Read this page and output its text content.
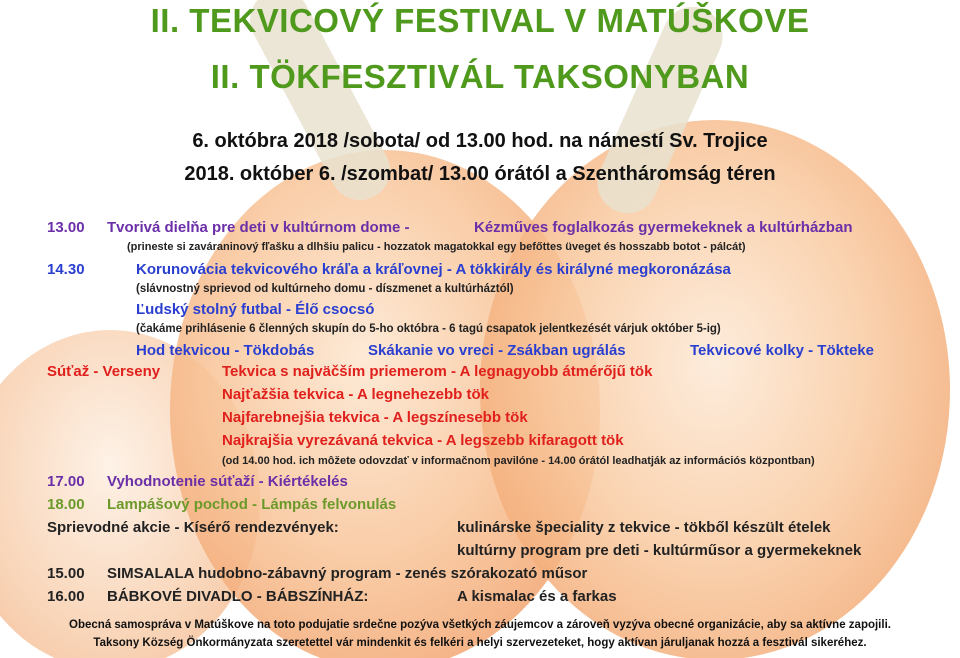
II. TEKVICOVÝ FESTIVAL V MATÚŠKOVE
II. TÖKFESZTIVÁL TAKSONYBAN
6. októbra 2018 /sobota/ od 13.00 hod. na námestí Sv. Trojice
2018. október 6. /szombat/ 13.00 órától a Szentháromság téren
13.00 Tvorivá dielňa pre deti v kultúrnom dome -	Kézműves foglalkozás gyermekeknek a kultúrházban
(prineste si zaváraninový fľašku a dlhšiu palicu - hozzatok magatokkal egy befőttes üveget és hosszabb botot - pálcát)
14.30	Korunovácia tekvicového kráľa a kráľovnej - A tökkirály és királyné megkoronázása
(slávnostný sprievod od kultúrneho domu - díszmenet a kultúrháztól)
Ľudský stolný futbal - Élő csocsó
(čakáme prihlásenie 6 členných skupín do 5-ho októbra - 6 tagú csapatok jelentkezését várjuk október 5-ig)
Hod tekvicou - Tökdobás	Skákanie vo vreci - Zsákban ugrálás	Tekvicové kolky - Tökteke
Súťaž - Verseny	Tekvica s najväčším priemerom - A legnagyobb átmérőjű tök
Najťažšia tekvica - A legnehezebb tök
Najfarebnejšia tekvica - A legszínesebb tök
Najkrajšia vyrezávaná tekvica - A legszebb kifaragott tök
(od 14.00 hod. ich môžete odovzdať v informačnom pavilóne - 14.00 órától leadhatják az információs központban)
17.00 Vyhodnotenie súťaží - Kiértékelés
18.00 Lampášový pochod - Lámpás felvonulás
Sprievodné akcie - Kísérő rendezvények:	kulinárske špeciality z tekvice - tökből készült ételek
kultúrny program pre deti - kultúrműsor a gyermekeknek
15.00 SIMSALALA hudobno-zábavný program - zenés szórakozató műsor
16.00 BÁBKOVÉ DIVADLO - BÁBSZÍNHÁZ:	A kismalac és a farkas
Obecná samospráva v Matúškove na toto podujatie srdečne pozýva všetkých záujemcov a zároveň vyzýva obecné organizácie, aby sa aktívne zapojili.
Taksony Község Önkormányzata szeretettel vár mindenkit és felkéri a helyi szervezeteket, hogy aktívan járuljanak hozzá a fesztivál sikeréhez.
